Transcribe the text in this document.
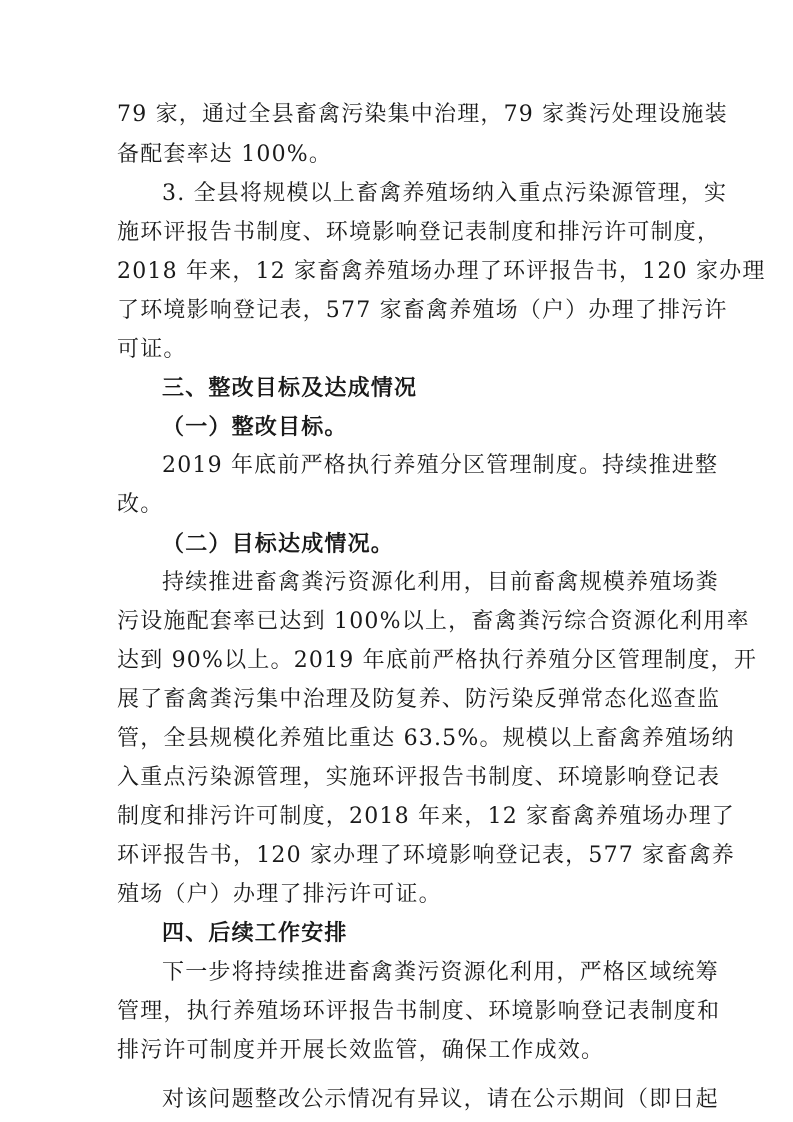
79 家，通过全县畜禽污染集中治理，79 家粪污处理设施装
备配套率达 100%。
3. 全县将规模以上畜禽养殖场纳入重点污染源管理，实
施环评报告书制度、环境影响登记表制度和排污许可制度，
2018 年来，12 家畜禽养殖场办理了环评报告书，120 家办理
了环境影响登记表，577 家畜禽养殖场（户）办理了排污许
可证。
三、整改目标及达成情况
（一）整改目标。
2019 年底前严格执行养殖分区管理制度。持续推进整
改。
（二）目标达成情况。
持续推进畜禽粪污资源化利用，目前畜禽规模养殖场粪
污设施配套率已达到 100%以上，畜禽粪污综合资源化利用率
达到 90%以上。2019 年底前严格执行养殖分区管理制度，开
展了畜禽粪污集中治理及防复养、防污染反弹常态化巡查监
管，全县规模化养殖比重达 63.5%。规模以上畜禽养殖场纳
入重点污染源管理，实施环评报告书制度、环境影响登记表
制度和排污许可制度，2018 年来，12 家畜禽养殖场办理了
环评报告书，120 家办理了环境影响登记表，577 家畜禽养
殖场（户）办理了排污许可证。
四、后续工作安排
下一步将持续推进畜禽粪污资源化利用，严格区域统筹
管理，执行养殖场环评报告书制度、环境影响登记表制度和
排污许可制度并开展长效监管，确保工作成效。
对该问题整改公示情况有异议，请在公示期间（即日起
